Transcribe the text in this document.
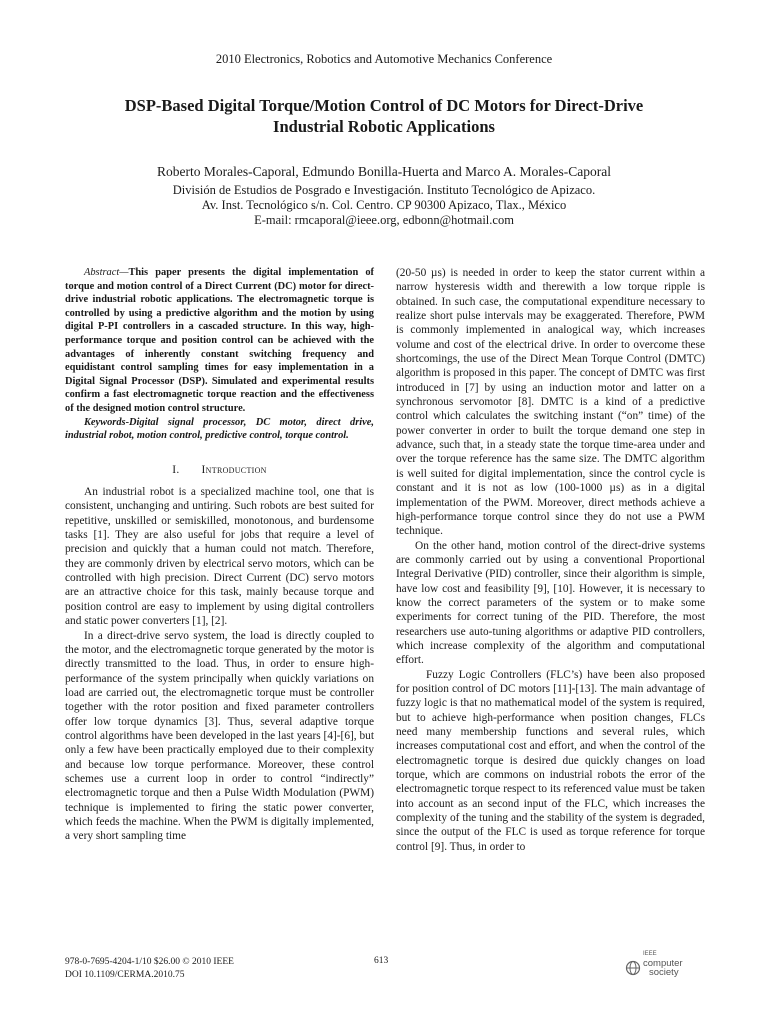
2010 Electronics, Robotics and Automotive Mechanics Conference
DSP-Based Digital Torque/Motion Control of DC Motors for Direct-Drive
Industrial Robotic Applications
Roberto Morales-Caporal, Edmundo Bonilla-Huerta and Marco A. Morales-Caporal
División de Estudios de Posgrado e Investigación. Instituto Tecnológico de Apizaco.
Av. Inst. Tecnológico s/n. Col. Centro. CP 90300 Apizaco, Tlax., México
E-mail: rmcaporal@ieee.org, edbonn@hotmail.com

Abstract—This paper presents the digital implementation of torque and motion control of a Direct Current (DC) motor for direct-drive industrial robotic applications. The electromagnetic torque is controlled by using a predictive algorithm and the motion by using digital P-PI controllers in a cascaded structure. In this way, high-performance torque and position control can be achieved with the advantages of inherently constant switching frequency and equidistant control sampling times for easy implementation in a Digital Signal Processor (DSP). Simulated and experimental results confirm a fast electromagnetic torque reaction and the effectiveness of the designed motion control structure.

Keywords-Digital signal processor, DC motor, direct drive, industrial robot, motion control, predictive control, torque control.

I. Introduction

An industrial robot is a specialized machine tool, one that is consistent, unchanging and untiring. Such robots are best suited for repetitive, unskilled or semiskilled, monotonous, and burdensome tasks [1]. They are also useful for jobs that require a level of precision and quickly that a human could not match. Therefore, they are commonly driven by electrical servo motors, which can be controlled with high precision. Direct Current (DC) servo motors are an attractive choice for this task, mainly because torque and position control are easy to implement by using digital controllers and static power converters [1], [2].

In a direct-drive servo system, the load is directly coupled to the motor, and the electromagnetic torque generated by the motor is directly transmitted to the load. Thus, in order to ensure high-performance of the system principally when quickly variations on load are carried out, the electromagnetic torque must be controller together with the rotor position and fixed parameter controllers offer low torque dynamics [3]. Thus, several adaptive torque control algorithms have been developed in the last years [4]-[6], but only a few have been practically employed due to their complexity and because low torque performance. Moreover, these control schemes use a current loop in order to control “indirectly” electromagnetic torque and then a Pulse Width Modulation (PWM) technique is implemented to firing the static power converter, which feeds the machine. When the PWM is digitally implemented, a very short sampling time

(20-50 µs) is needed in order to keep the stator current within a narrow hysteresis width and therewith a low torque ripple is obtained. In such case, the computational expenditure necessary to realize short pulse intervals may be exaggerated. Therefore, PWM is commonly implemented in analogical way, which increases volume and cost of the electrical drive. In order to overcome these shortcomings, the use of the Direct Mean Torque Control (DMTC) algorithm is proposed in this paper. The concept of DMTC was first introduced in [7] by using an induction motor and latter on a synchronous servomotor [8]. DMTC is a kind of a predictive control which calculates the switching instant (“on” time) of the power converter in order to built the torque demand one step in advance, such that, in a steady state the torque time-area under and over the torque reference has the same size. The DMTC algorithm is well suited for digital implementation, since the control cycle is constant and it is not as low (100-1000 µs) as in a digital implementation of the PWM. Moreover, direct methods achieve a high-performance torque control since they do not use a PWM technique.

On the other hand, motion control of the direct-drive systems are commonly carried out by using a conventional Proportional Integral Derivative (PID) controller, since their algorithm is simple, have low cost and feasibility [9], [10]. However, it is necessary to know the correct parameters of the system or to make some experiments for correct tuning of the PID. Therefore, the most researchers use auto-tuning algorithms or adaptive PID controllers, which increase complexity of the algorithm and computational effort.

Fuzzy Logic Controllers (FLC’s) have been also proposed for position control of DC motors [11]-[13]. The main advantage of fuzzy logic is that no mathematical model of the system is required, but to achieve high-performance when position changes, FLCs need many membership functions and several rules, which increases computational cost and effort, and when the control of the electromagnetic torque is desired due quickly changes on load torque, which are commons on industrial robots the error of the electromagnetic torque respect to its referenced value must be taken into account as an second input of the FLC, which increases the complexity of the tuning and the stability of the system is degraded, since the output of the FLC is used as torque reference for torque control [9]. Thus, in order to

978-0-7695-4204-1/10 $26.00 © 2010 IEEE
DOI 10.1109/CERMA.2010.75
613
IEEE
computer
society
